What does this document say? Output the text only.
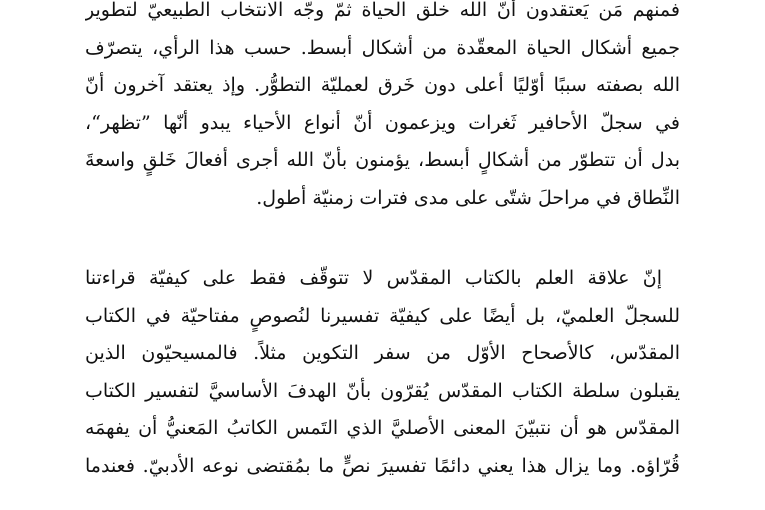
فمنهم مَن يَعتقدون أنّ الله خلق الحياة ثمّ وجّه الانتخاب الطبيعيّ لتطوير
جميع أشكال الحياة المعقّدة من أشكال أبسط. حسب هذا الرأي، يتصرّف
الله بصفته سببًا أوّليًا أعلى دون خَرق لعمليّة التطوُّر. وإذ يعتقد آخرون أنّ
في سجلّ الأحافير ثَغرات ويزعمون أنّ أنواع الأحياء يبدو أنّها ”تظهر“،
بدل أن تتطوّر من أشكالٍ أبسط، يؤمنون بأنّ الله أجرى أفعالَ خَلقٍ واسعةَ
النِّطاق في مراحلَ شتّى على مدى فترات زمنيّة أطول.
إنّ علاقة العلم بالكتاب المقدّس لا تتوقّف فقط على كيفيّة قراءتنا
للسجلّ العلميّ، بل أيضًا على كيفيّة تفسيرنا لنُصوصٍ مفتاحيّة في الكتاب
المقدّس، كالأصحاح الأوّل من سفر التكوين مثلاً. فالمسيحيّون الذين
يقبلون سلطة الكتاب المقدّس يُقرّون بأنّ الهدفَ الأساسيَّ لتفسير الكتاب
المقدّس هو أن نتبيّنَ المعنى الأصليَّ الذي التَمس الكاتبُ المَعنيُّ أن يفهمَه
قُرّاؤه. وما يزال هذا يعني دائمًا تفسيرَ نصٍّ ما بمُقتضى نوعه الأدبيّ. فعندما
